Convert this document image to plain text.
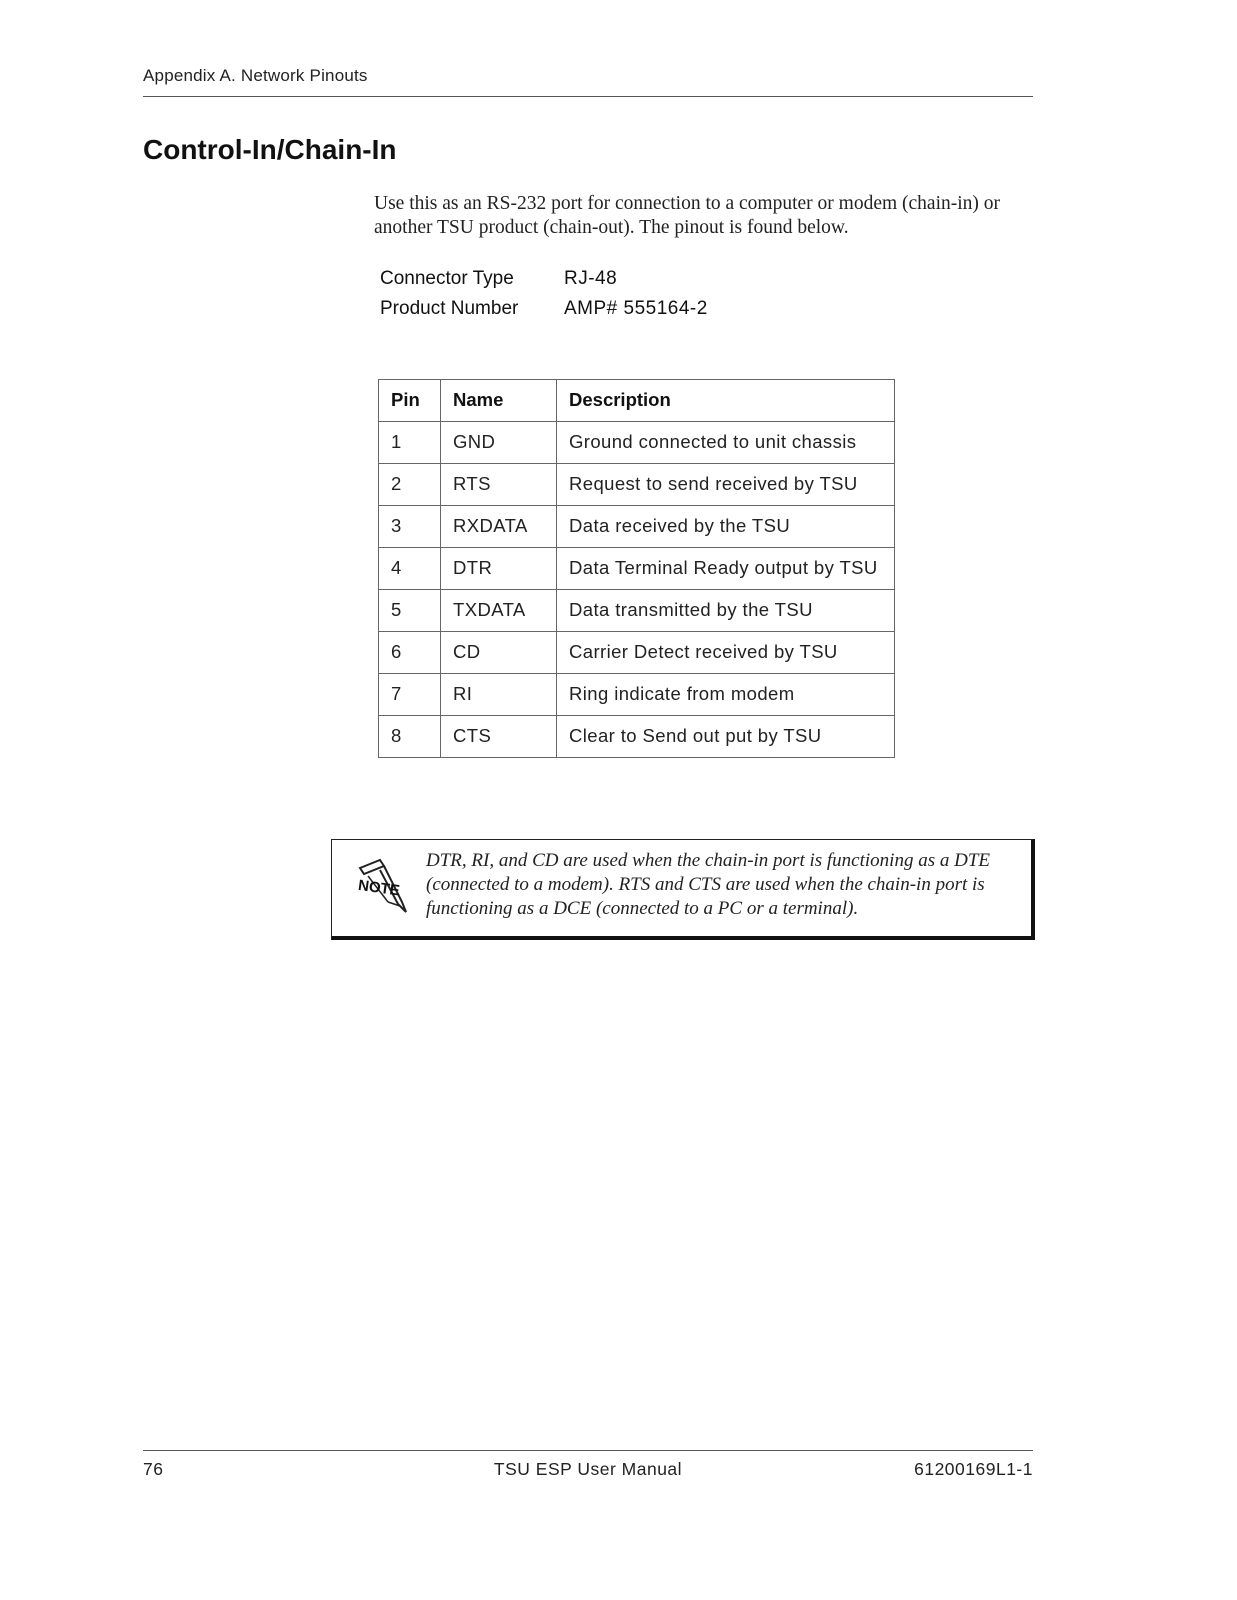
Appendix A. Network Pinouts
Control-In/Chain-In

Use this as an RS-232 port for connection to a computer or modem (chain-in) or another TSU product (chain-out). The pinout is found below.

Connector Type	RJ-48
Product Number	AMP# 555164-2
Pin	Name	Description
1	GND	Ground connected to unit chassis
2	RTS	Request to send received by TSU
3	RXDATA	Data received by the TSU
4	DTR	Data Terminal Ready output by TSU
5	TXDATA	Data transmitted by the TSU
6	CD	Carrier Detect received by TSU
7	RI	Ring indicate from modem
8	CTS	Clear to Send out put by TSU
NOTE

DTR, RI, and CD are used when the chain-in port is functioning as a DTE (connected to a modem). RTS and CTS are used when the chain-in port is functioning as a DCE (connected to a PC or a terminal).

76	TSU ESP User Manual	61200169L1-1
